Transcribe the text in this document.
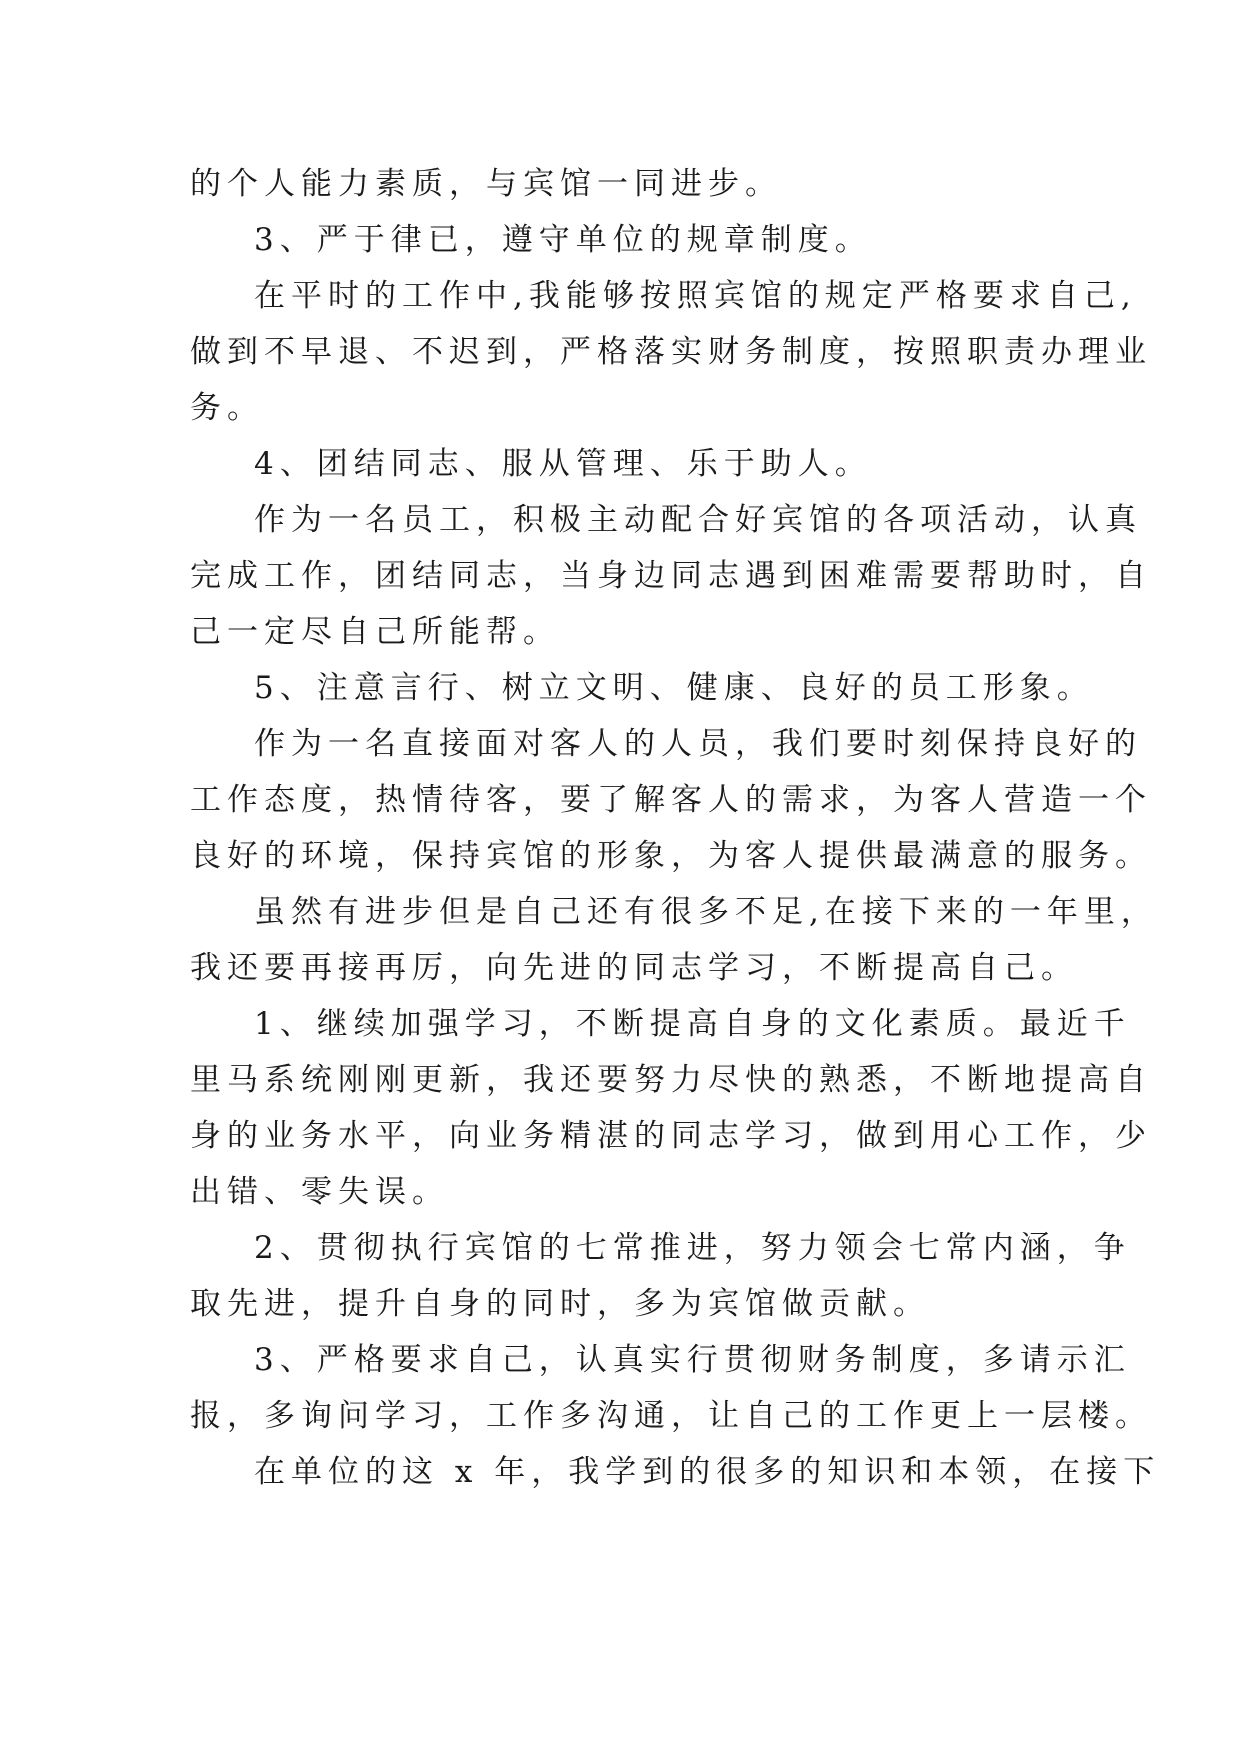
的个人能力素质，与宾馆一同进步。

3、严于律已，遵守单位的规章制度。

在平时的工作中,我能够按照宾馆的规定严格要求自己,

做到不早退、不迟到，严格落实财务制度，按照职责办理业

务。

4、团结同志、服从管理、乐于助人。

作为一名员工，积极主动配合好宾馆的各项活动，认真

完成工作，团结同志，当身边同志遇到困难需要帮助时，自

己一定尽自己所能帮。

5、注意言行、树立文明、健康、良好的员工形象。

作为一名直接面对客人的人员，我们要时刻保持良好的

工作态度，热情待客，要了解客人的需求，为客人营造一个

良好的环境，保持宾馆的形象，为客人提供最满意的服务。

虽然有进步但是自己还有很多不足,在接下来的一年里，

我还要再接再厉，向先进的同志学习，不断提高自己。

1、继续加强学习，不断提高自身的文化素质。最近千

里马系统刚刚更新，我还要努力尽快的熟悉，不断地提高自

身的业务水平，向业务精湛的同志学习，做到用心工作，少

出错、零失误。

2、贯彻执行宾馆的七常推进，努力领会七常内涵，争

取先进，提升自身的同时，多为宾馆做贡献。

3、严格要求自己，认真实行贯彻财务制度，多请示汇

报，多询问学习，工作多沟通，让自己的工作更上一层楼。

在单位的这 x 年，我学到的很多的知识和本领，在接下
